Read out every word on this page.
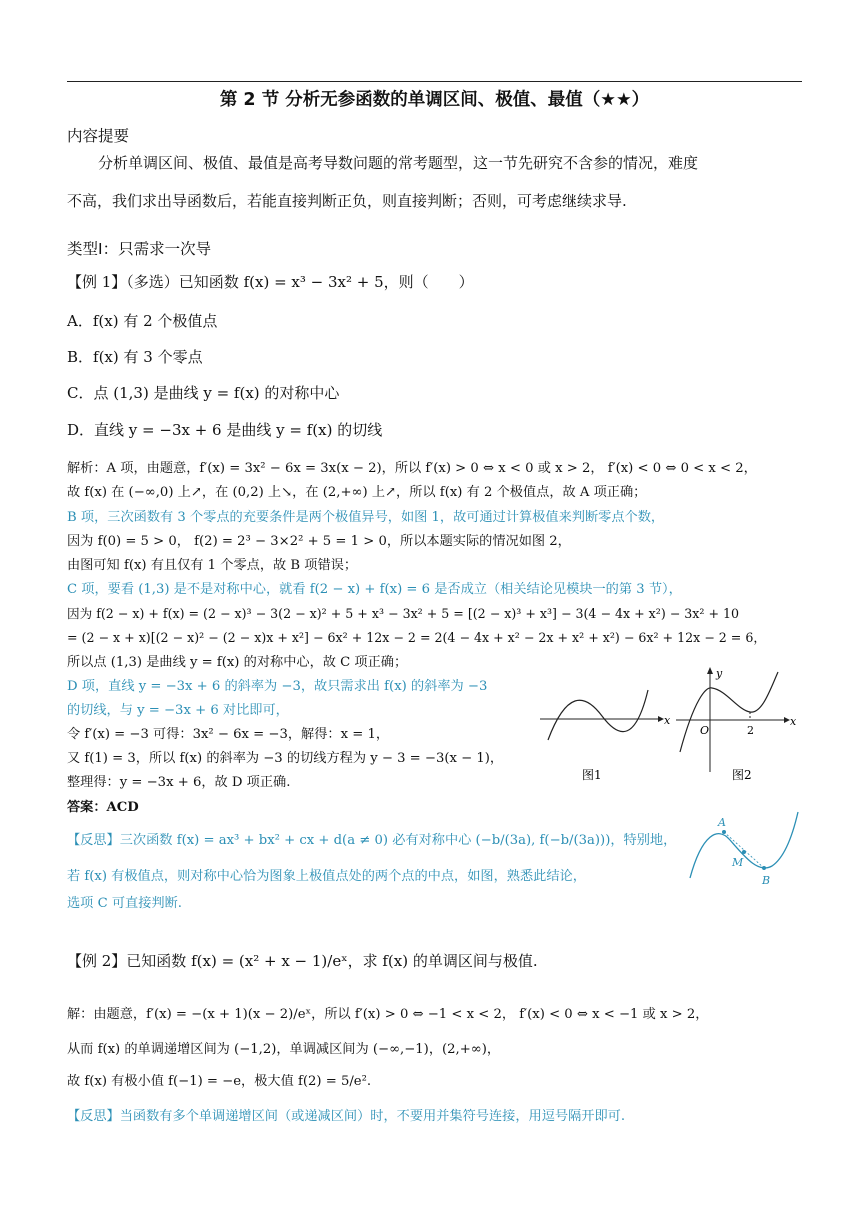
第 2 节 分析无参函数的单调区间、极值、最值（★★）
内容提要
分析单调区间、极值、最值是高考导数问题的常考题型，这一节先研究不含参的情况，难度
不高，我们求出导函数后，若能直接判断正负，则直接判断；否则，可考虑继续求导.
类型Ⅰ：只需求一次导
【例 1】（多选）已知函数 f(x) = x³ − 3x² + 5，则（　　）
A．f(x) 有 2 个极值点
B．f(x) 有 3 个零点
C．点 (1,3) 是曲线 y = f(x) 的对称中心
D．直线 y = −3x + 6 是曲线 y = f(x) 的切线
解析：A 项，由题意，f′(x) = 3x² − 6x = 3x(x − 2)，所以 f′(x) > 0 ⇔ x < 0 或 x > 2， f′(x) < 0 ⇔ 0 < x < 2，
故 f(x) 在 (−∞,0) 上↗，在 (0,2) 上↘，在 (2,+∞) 上↗，所以 f(x) 有 2 个极值点，故 A 项正确；
B 项，三次函数有 3 个零点的充要条件是两个极值异号，如图 1，故可通过计算极值来判断零点个数，
因为 f(0) = 5 > 0， f(2) = 2³ − 3×2² + 5 = 1 > 0，所以本题实际的情况如图 2，
由图可知 f(x) 有且仅有 1 个零点，故 B 项错误；
C 项，要看 (1,3) 是不是对称中心，就看 f(2 − x) + f(x) = 6 是否成立（相关结论见模块一的第 3 节），
因为 f(2 − x) + f(x) = (2 − x)³ − 3(2 − x)² + 5 + x³ − 3x² + 5 = [(2 − x)³ + x³] − 3(4 − 4x + x²) − 3x² + 10
= (2 − x + x)[(2 − x)² − (2 − x)x + x²] − 6x² + 12x − 2 = 2(4 − 4x + x² − 2x + x² + x²) − 6x² + 12x − 2 = 6，
所以点 (1,3) 是曲线 y = f(x) 的对称中心，故 C 项正确；
D 项，直线 y = −3x + 6 的斜率为 −3，故只需求出 f(x) 的斜率为 −3
的切线，与 y = −3x + 6 对比即可，
令 f′(x) = −3 可得：3x² − 6x = −3，解得：x = 1，
又 f(1) = 3，所以 f(x) 的斜率为 −3 的切线方程为 y − 3 = −3(x − 1)，
整理得：y = −3x + 6，故 D 项正确.
答案：ACD
x
图1
y
x
O	2
图2
【反思】三次函数 f(x) = ax³ + bx² + cx + d(a ≠ 0) 必有对称中心 (−b/(3a), f(−b/(3a)))，特别地，
若 f(x) 有极值点，则对称中心恰为图象上极值点处的两个点的中点，如图，熟悉此结论，
选项 C 可直接判断.
A
M
B
【例 2】已知函数 f(x) = (x² + x − 1)/eˣ，求 f(x) 的单调区间与极值.
解：由题意，f′(x) = −(x + 1)(x − 2)/eˣ，所以 f′(x) > 0 ⇔ −1 < x < 2， f′(x) < 0 ⇔ x < −1 或 x > 2，
从而 f(x) 的单调递增区间为 (−1,2)，单调减区间为 (−∞,−1)，(2,+∞)，
故 f(x) 有极小值 f(−1) = −e，极大值 f(2) = 5/e².
【反思】当函数有多个单调递增区间（或递减区间）时，不要用并集符号连接，用逗号隔开即可.
